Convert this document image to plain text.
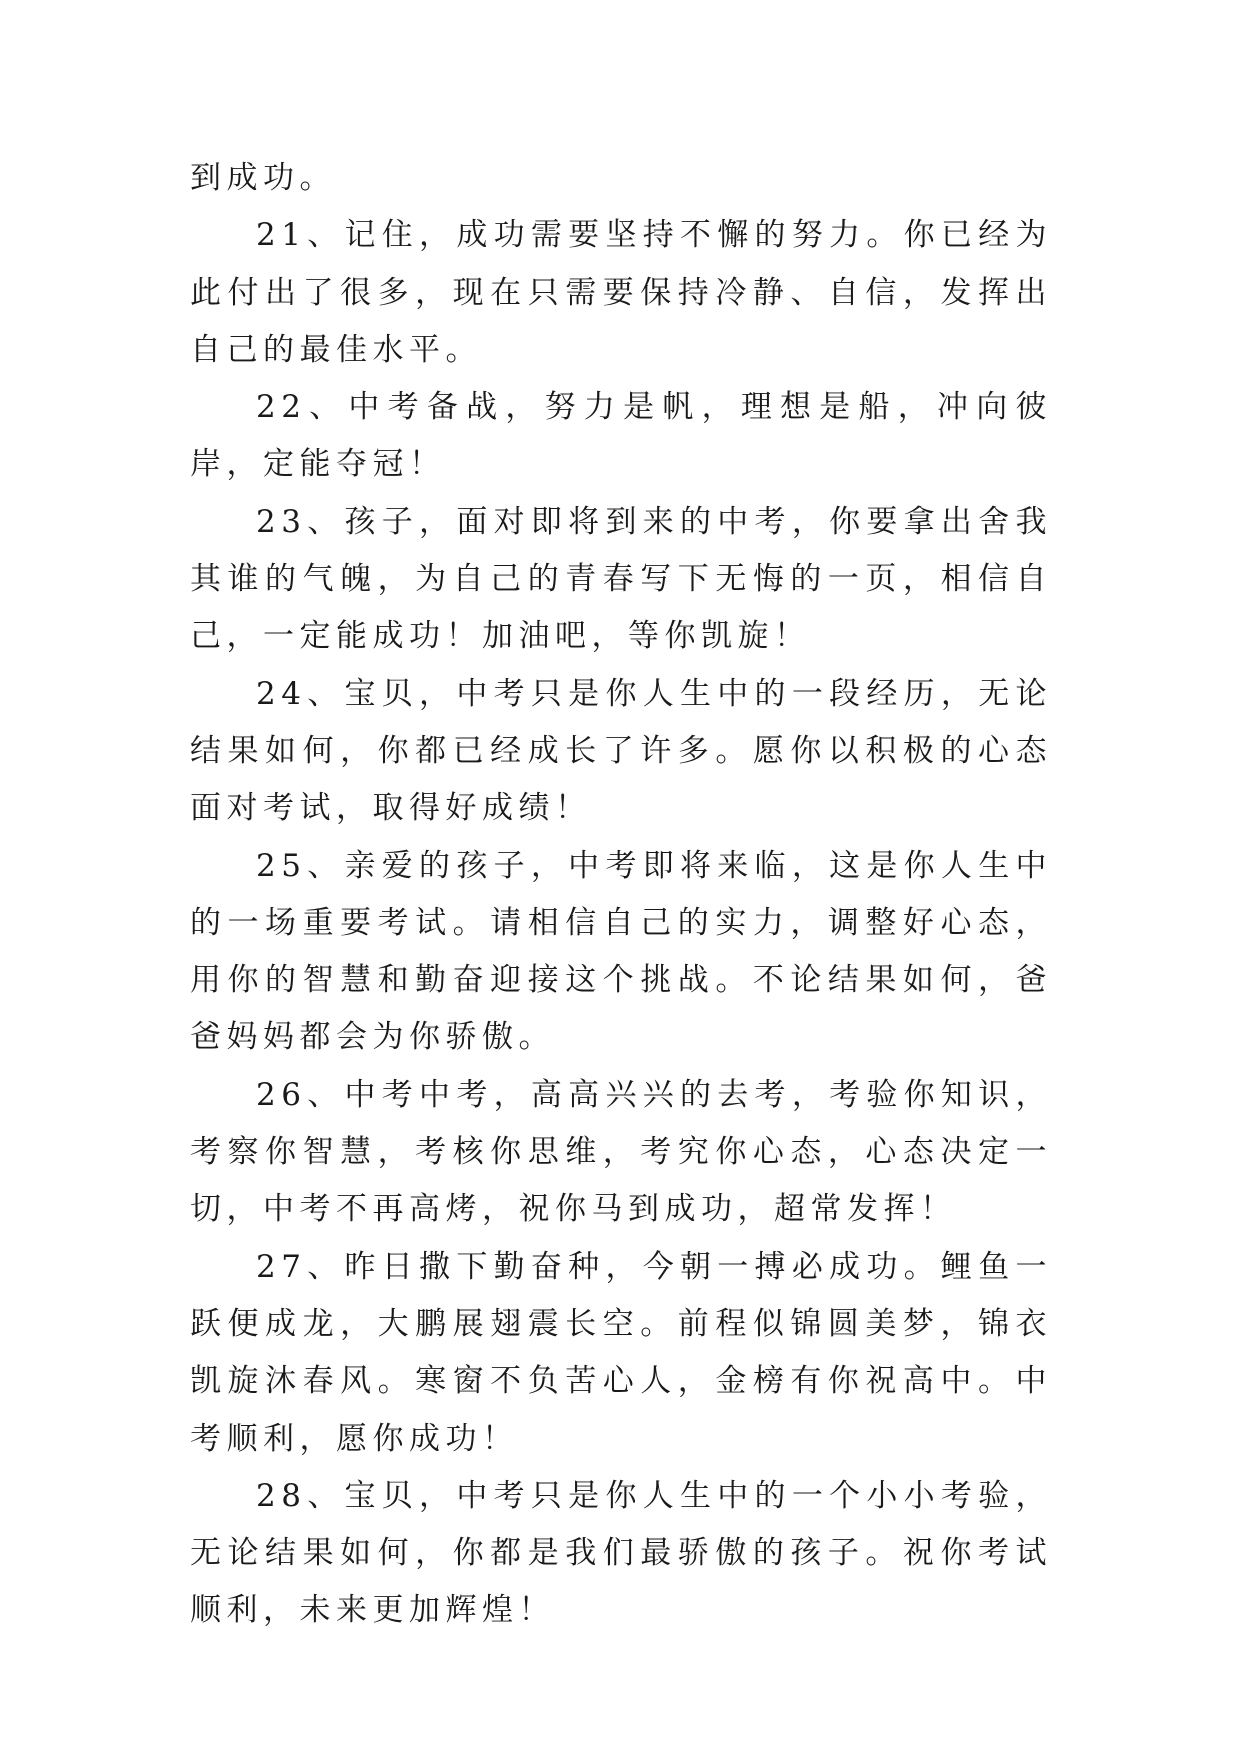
到成功。

21、记住，成功需要坚持不懈的努力。你已经为此付出了很多，现在只需要保持冷静、自信，发挥出自己的最佳水平。

22、中考备战，努力是帆，理想是船，冲向彼岸，定能夺冠！

23、孩子，面对即将到来的中考，你要拿出舍我其谁的气魄，为自己的青春写下无悔的一页，相信自己，一定能成功！加油吧，等你凯旋！

24、宝贝，中考只是你人生中的一段经历，无论结果如何，你都已经成长了许多。愿你以积极的心态面对考试，取得好成绩！

25、亲爱的孩子，中考即将来临，这是你人生中的一场重要考试。请相信自己的实力，调整好心态，用你的智慧和勤奋迎接这个挑战。不论结果如何，爸爸妈妈都会为你骄傲。

26、中考中考，高高兴兴的去考，考验你知识，考察你智慧，考核你思维，考究你心态，心态决定一切，中考不再高烤，祝你马到成功，超常发挥！

27、昨日撒下勤奋种，今朝一搏必成功。鲤鱼一跃便成龙，大鹏展翅震长空。前程似锦圆美梦，锦衣凯旋沐春风。寒窗不负苦心人，金榜有你祝高中。中考顺利，愿你成功！

28、宝贝，中考只是你人生中的一个小小考验，无论结果如何，你都是我们最骄傲的孩子。祝你考试顺利，未来更加辉煌！
